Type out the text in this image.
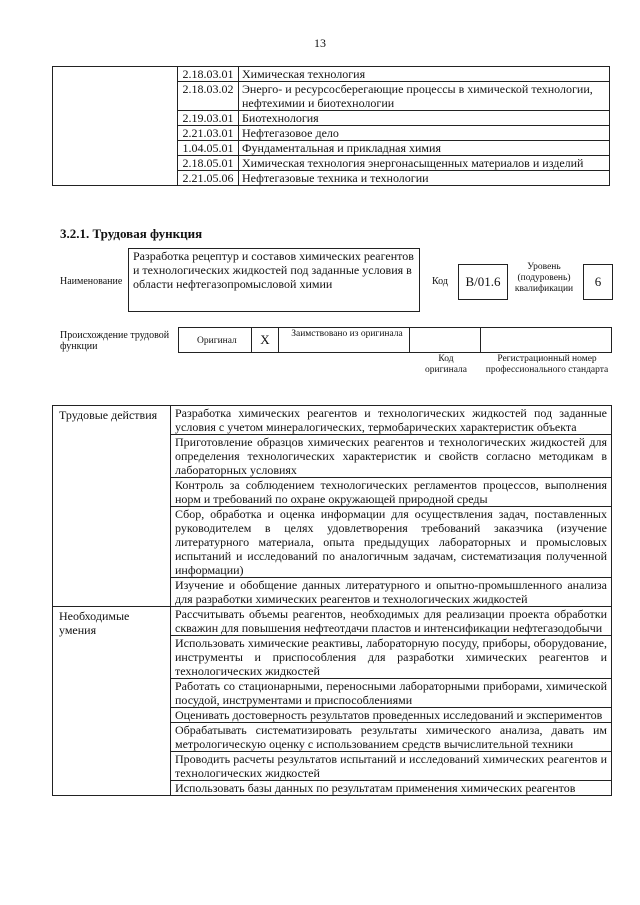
13
	2.18.03.01	Химическая технология
	2.18.03.02	Энерго- и ресурсосберегающие процессы в химической технологии, нефтехимии и биотехнологии
	2.19.03.01	Биотехнология
	2.21.03.01	Нефтегазовое дело
	1.04.05.01	Фундаментальная и прикладная химия
	2.18.05.01	Химическая технология энергонасыщенных материалов и изделий
	2.21.05.06	Нефтегазовые техника и технологии
3.2.1. Трудовая функция
Наименование
Разработка рецептур и составов химических реагентов и технологических жидкостей под заданные условия в области нефтегазопромысловой химии	Код	B/01.6
Уровень (подуровень) квалификации	6
Происхождение трудовой функции	Оригинал	X	Заимствовано из оригинала
Код оригинала
Регистрационный номер профессионального стандарта
Трудовые действия	Разработка химических реагентов и технологических жидкостей под заданные условия с учетом минералогических, термобарических характеристик объекта
	Приготовление образцов химических реагентов и технологических жидкостей для определения технологических характеристик и свойств согласно методикам в лабораторных условиях
	Контроль за соблюдением технологических регламентов процессов, выполнения норм и требований по охране окружающей природной среды
	Сбор, обработка и оценка информации для осуществления задач, поставленных руководителем в целях удовлетворения требований заказчика (изучение литературного материала, опыта предыдущих лабораторных и промысловых испытаний и исследований по аналогичным задачам, систематизация полученной информации)
	Изучение и обобщение данных литературного и опытно-промышленного анализа для разработки химических реагентов и технологических жидкостей
Необходимые умения	Рассчитывать объемы реагентов, необходимых для реализации проекта обработки скважин для повышения нефтеотдачи пластов и интенсификации нефтегазодобычи
	Использовать химические реактивы, лабораторную посуду, приборы, оборудование, инструменты и приспособления для разработки химических реагентов и технологических жидкостей
	Работать со стационарными, переносными лабораторными приборами, химической посудой, инструментами и приспособлениями
	Оценивать достоверность результатов проведенных исследований и экспериментов
	Обрабатывать систематизировать результаты химического анализа, давать им метрологическую оценку с использованием средств вычислительной техники
	Проводить расчеты результатов испытаний и исследований химических реагентов и технологических жидкостей
	Использовать базы данных по результатам применения химических реагентов
